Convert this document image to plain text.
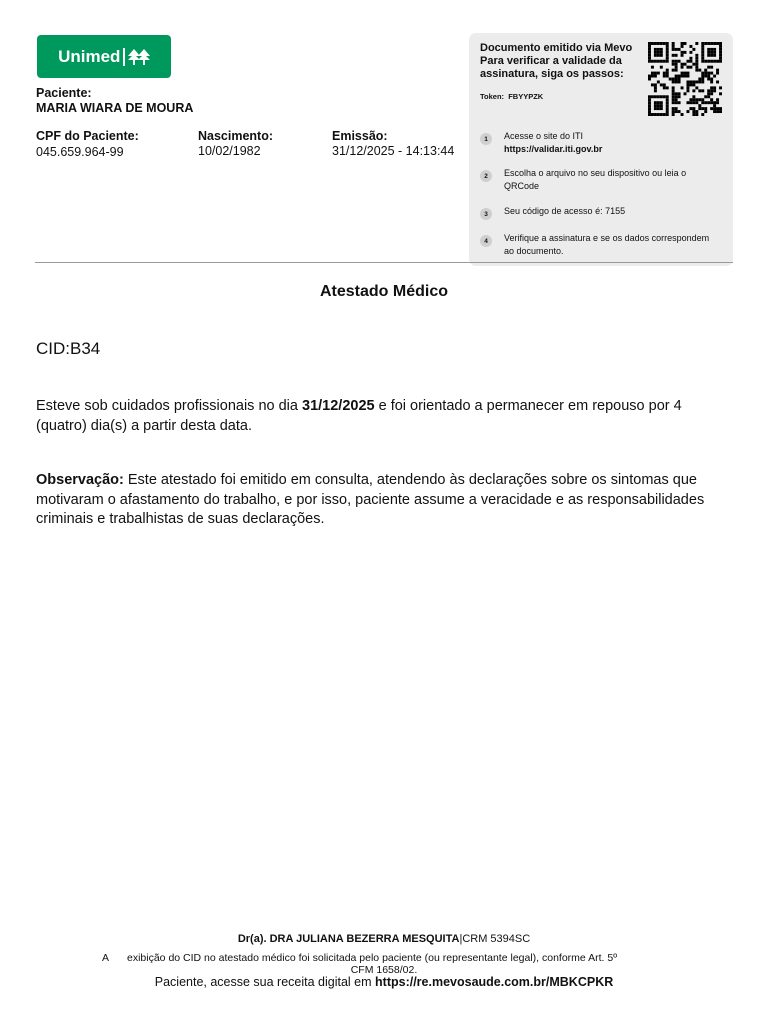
Unimed
Paciente:
MARIA WIARA DE MOURA
CPF do Paciente:
045.659.964-99
Nascimento:
10/02/1982
Emissão:
31/12/2025 - 14:13:44
Documento emitido via Mevo
Para verificar a validade da
assinatura, siga os passos:
Token: FBYYPZK
1	Acesse o site do ITI
https://validar.iti.gov.br
2	Escolha o arquivo no seu dispositivo ou leia o QRCode
3	Seu código de acesso é: 7155
4	Verifique a assinatura e se os dados correspondem ao documento.
Atestado Médico
CID:B34
Esteve sob cuidados profissionais no dia 31/12/2025 e foi orientado a permanecer em repouso por 4 (quatro) dia(s) a partir desta data.
Observação: Este atestado foi emitido em consulta, atendendo às declarações sobre os sintomas que motivaram o afastamento do trabalho, e por isso, paciente assume a veracidade e as responsabilidades criminais e trabalhistas de suas declarações.
Dr(a). DRA JULIANA BEZERRA MESQUITA|CRM 5394SC
A exibição do CID no atestado médico foi solicitada pelo paciente (ou representante legal), conforme Art. 5º
CFM 1658/02.
Paciente, acesse sua receita digital em https://re.mevosaude.com.br/MBKCPKR
